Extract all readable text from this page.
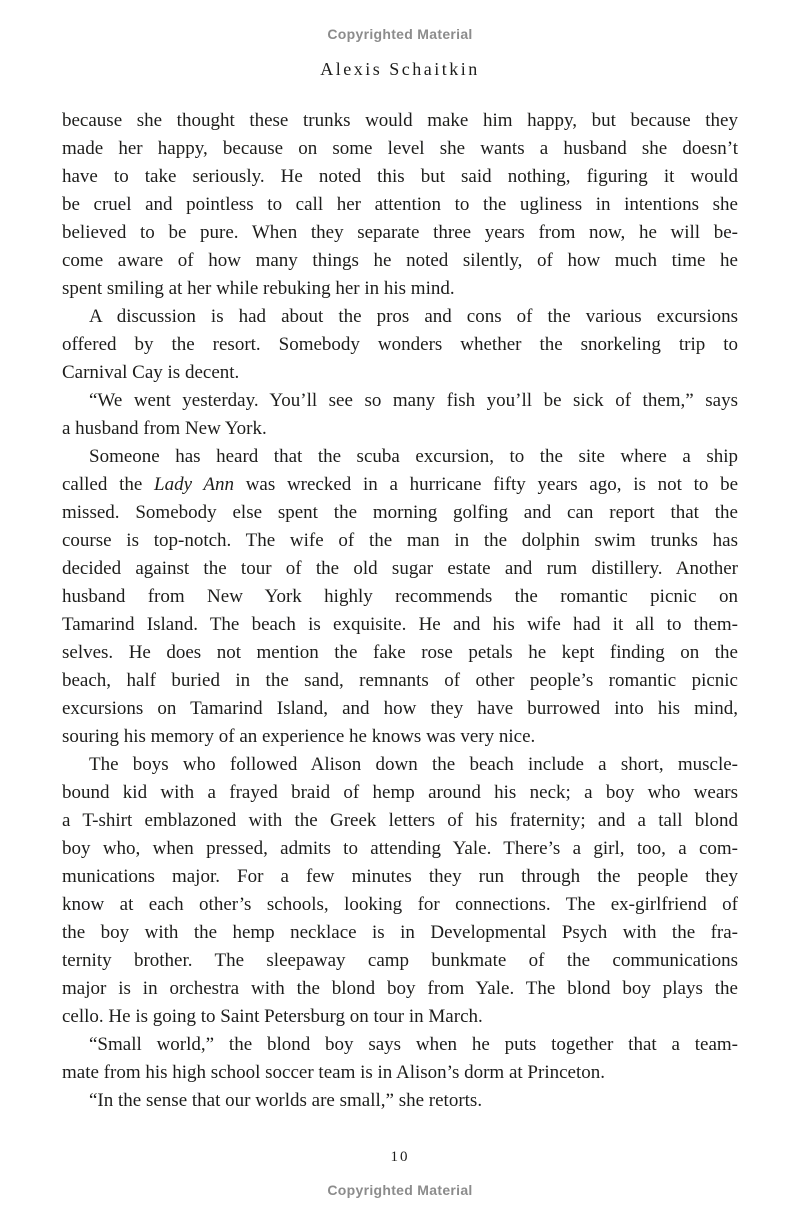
Copyrighted Material
Alexis Schaitkin
because she thought these trunks would make him happy, but because they
made her happy, because on some level she wants a husband she doesn’t
have to take seriously. He noted this but said nothing, figuring it would
be cruel and pointless to call her attention to the ugliness in intentions she
believed to be pure. When they separate three years from now, he will be-
come aware of how many things he noted silently, of how much time he
spent smiling at her while rebuking her in his mind.
A discussion is had about the pros and cons of the various excursions
offered by the resort. Somebody wonders whether the snorkeling trip to
Carnival Cay is decent.
“We went yesterday. You’ll see so many fish you’ll be sick of them,” says
a husband from New York.
Someone has heard that the scuba excursion, to the site where a ship
called the Lady Ann was wrecked in a hurricane fifty years ago, is not to be
missed. Somebody else spent the morning golfing and can report that the
course is top-notch. The wife of the man in the dolphin swim trunks has
decided against the tour of the old sugar estate and rum distillery. Another
husband from New York highly recommends the romantic picnic on
Tamarind Island. The beach is exquisite. He and his wife had it all to them-
selves. He does not mention the fake rose petals he kept finding on the
beach, half buried in the sand, remnants of other people’s romantic picnic
excursions on Tamarind Island, and how they have burrowed into his mind,
souring his memory of an experience he knows was very nice.
The boys who followed Alison down the beach include a short, muscle-
bound kid with a frayed braid of hemp around his neck; a boy who wears
a T-shirt emblazoned with the Greek letters of his fraternity; and a tall blond
boy who, when pressed, admits to attending Yale. There’s a girl, too, a com-
munications major. For a few minutes they run through the people they
know at each other’s schools, looking for connections. The ex-girlfriend of
the boy with the hemp necklace is in Developmental Psych with the fra-
ternity brother. The sleepaway camp bunkmate of the communications
major is in orchestra with the blond boy from Yale. The blond boy plays the
cello. He is going to Saint Petersburg on tour in March.
“Small world,” the blond boy says when he puts together that a team-
mate from his high school soccer team is in Alison’s dorm at Princeton.
“In the sense that our worlds are small,” she retorts.
10
Copyrighted Material
